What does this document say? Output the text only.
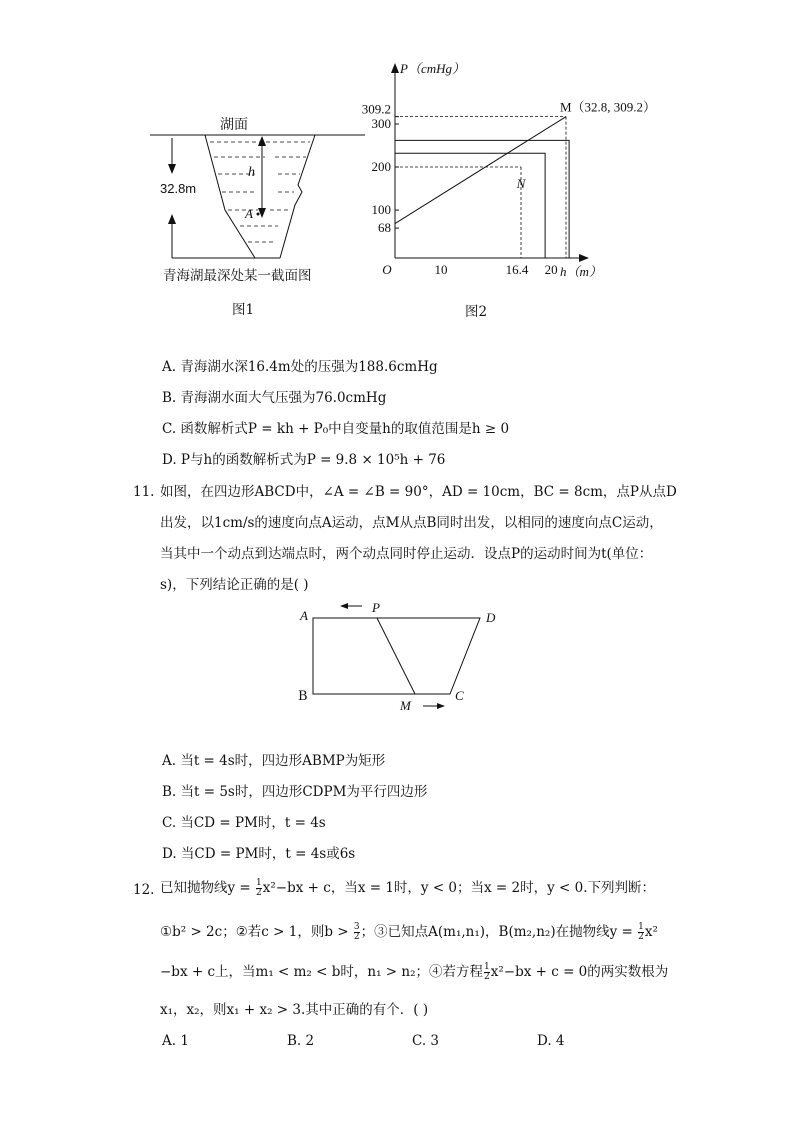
湖面
h
A
32.8m
青海湖最深处某一截面图
图1
P（cmHg）
h（m）
O
68
100
200
300
309.2
10	16.4 20
M（32.8, 309.2）
N
图2
A. 青海湖水深16.4m处的压强为188.6cmHg
B. 青海湖水面大气压强为76.0cmHg
C. 函数解析式P = kh + P₀中自变量h的取值范围是h ≥ 0
D. P与h的函数解析式为P = 9.8 × 10⁵h + 76
11. 如图，在四边形ABCD中，∠A = ∠B = 90°，AD = 10cm，BC = 8cm，点P从点D
出发，以1cm/s的速度向点A运动，点M从点B同时出发，以相同的速度向点C运动，
当其中一个动点到达端点时，两个动点同时停止运动．设点P的运动时间为t(单位：
s)，下列结论正确的是( )
A
P
D
B	C
M
A. 当t = 4s时，四边形ABMP为矩形
B. 当t = 5s时，四边形CDPM为平行四边形
C. 当CD = PM时，t = 4s
D. 当CD = PM时，t = 4s或6s
12. 已知抛物线$y = \frac{1}{2} x^2-bx + c$，当x = 1时，y < 0；当x = 2时，y < 0.下列判断：
①b² > 2c；②若c > 1，则$b > \frac{3}{2}$ ；③已知点A(m₁,n₁)，B(m₂,n₂)在抛物线$y = \frac{1}{2} x^2$
−bx + c上，当m₁ < m₂ < b时，n₁ > n₂；④若方程 $\frac{1}{2} x^2-bx + c = 0$的两实数根为
x₁，x₂，则x₁ + x₂ > 3.其中正确的有个．( )
A. 1	B. 2	C. 3	D. 4
